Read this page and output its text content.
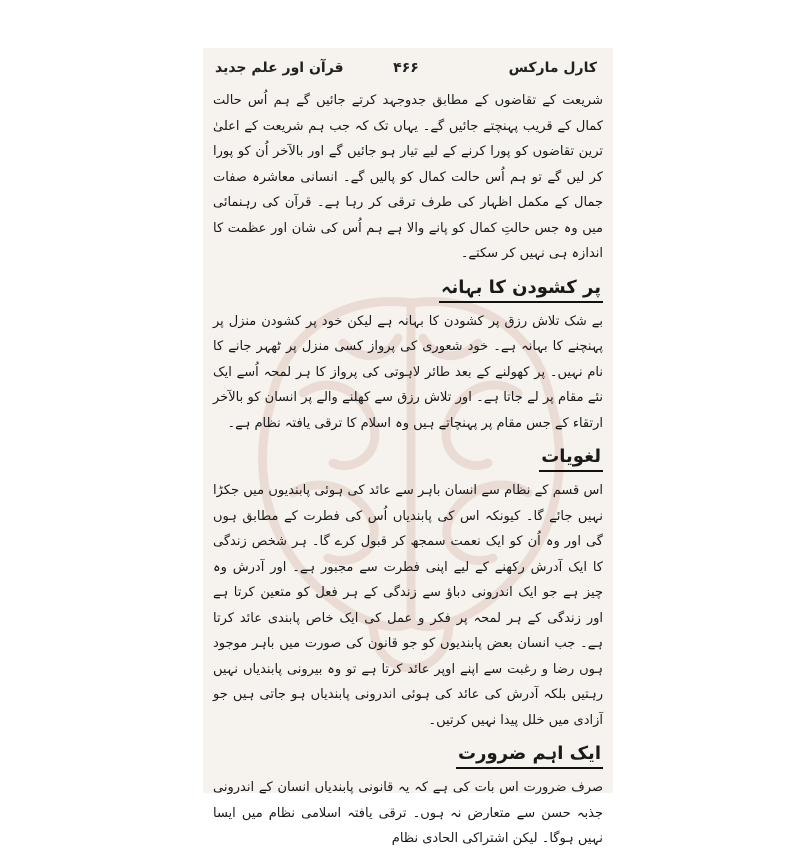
کارل مارکس
۴۶۶
قرآن اور علم جدید

شریعت کے تقاضوں کے مطابق جدوجہد کرتے جائیں گے ہم اُس حالت کمال کے قریب پہنچتے جائیں گے۔ یہاں تک کہ جب ہم شریعت کے اعلیٰ ترین تقاضوں کو پورا کرنے کے لیے تیار ہو جائیں گے اور بالآخر اُن کو پورا کر لیں گے تو ہم اُس حالت کمال کو پالیں گے۔ انسانی معاشرہ صفات جمال کے مکمل اظہار کی طرف ترقی کر رہا ہے۔ قرآن کی رہنمائی میں وہ جس حالتِ کمال کو پانے والا ہے ہم اُس کی شان اور عظمت کا اندازہ ہی نہیں کر سکتے۔

پر کشودن کا بہانہ

بے شک تلاش رزق پر کشودن کا بہانہ ہے لیکن خود پر کشودن منزل پر پہنچنے کا بہانہ ہے۔ خود شعوری کی پرواز کسی منزل پر ٹھہر جانے کا نام نہیں۔ پر کھولنے کے بعد طائر لاہوتی کی پرواز کا ہر لمحہ اُسے ایک نئے مقام پر لے جاتا ہے۔ اور تلاش رزق سے کھلنے والے پر انسان کو بالآخر ارتقاء کے جس مقام پر پہنچاتے ہیں وہ اسلام کا ترقی یافتہ نظام ہے۔

لغویات

اس قسم کے نظام سے انسان باہر سے عائد کی ہوئی پابندیوں میں جکڑا نہیں جائے گا۔ کیونکہ اس کی پابندیاں اُس کی فطرت کے مطابق ہوں گی اور وہ اُن کو ایک نعمت سمجھ کر قبول کرے گا۔ ہر شخص زندگی کا ایک آدرش رکھنے کے لیے اپنی فطرت سے مجبور ہے۔ اور آدرش وہ چیز ہے جو ایک اندرونی دباؤ سے زندگی کے ہر فعل کو متعین کرتا ہے اور زندگی کے ہر لمحہ پر فکر و عمل کی ایک خاص پابندی عائد کرتا ہے۔ جب انسان بعض پابندیوں کو جو قانون کی صورت میں باہر موجود ہوں رضا و رغبت سے اپنے اوپر عائد کرتا ہے تو وہ بیرونی پابندیاں نہیں رہتیں بلکہ آدرش کی عائد کی ہوئی اندرونی پابندیاں ہو جاتی ہیں جو آزادی میں خلل پیدا نہیں کرتیں۔

ایک اہم ضرورت

صرف ضرورت اس بات کی ہے کہ یہ قانونی پابندیاں انسان کے اندرونی جذبہ حسن سے متعارض نہ ہوں۔ ترقی یافتہ اسلامی نظام میں ایسا نہیں ہوگا۔ لیکن اشتراکی الحادی نظام
